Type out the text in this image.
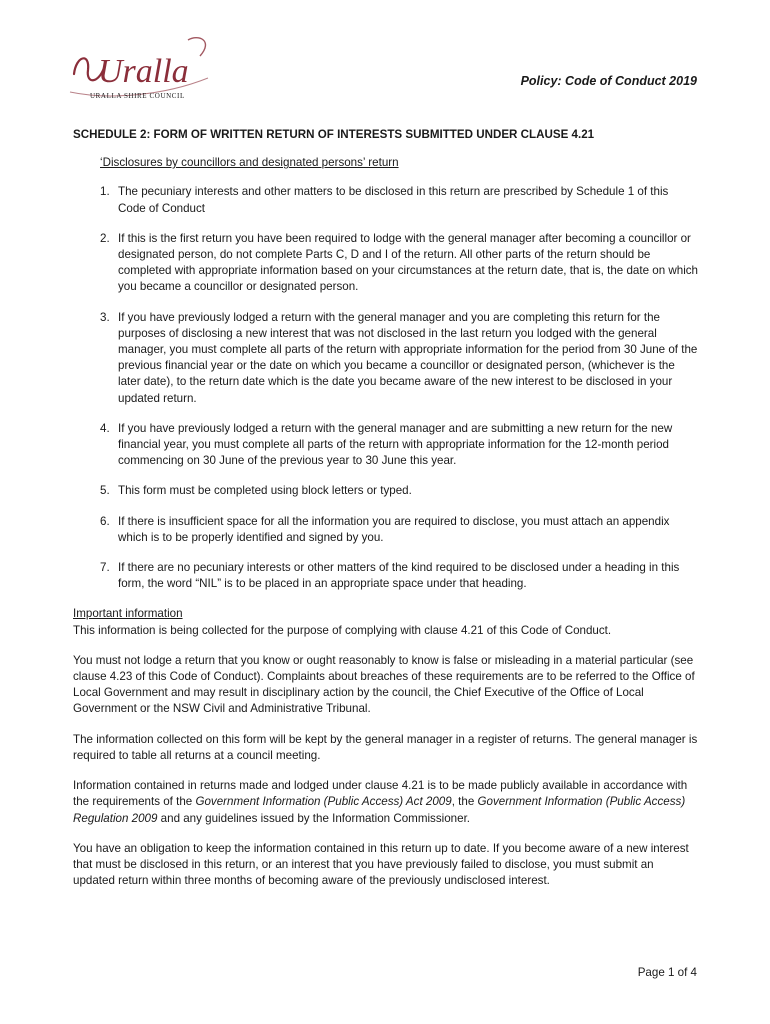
Uralla
URALLA SHIRE COUNCIL
Policy: Code of Conduct 2019

SCHEDULE 2: FORM OF WRITTEN RETURN OF INTERESTS SUBMITTED UNDER CLAUSE 4.21

‘Disclosures by councillors and designated persons’ return

1. The pecuniary interests and other matters to be disclosed in this return are prescribed by Schedule 1 of this Code of Conduct
2. If this is the first return you have been required to lodge with the general manager after becoming a councillor or designated person, do not complete Parts C, D and I of the return. All other parts of the return should be completed with appropriate information based on your circumstances at the return date, that is, the date on which you became a councillor or designated person.
3. If you have previously lodged a return with the general manager and you are completing this return for the purposes of disclosing a new interest that was not disclosed in the last return you lodged with the general manager, you must complete all parts of the return with appropriate information for the period from 30 June of the previous financial year or the date on which you became a councillor or designated person, (whichever is the later date), to the return date which is the date you became aware of the new interest to be disclosed in your updated return.
4. If you have previously lodged a return with the general manager and are submitting a new return for the new financial year, you must complete all parts of the return with appropriate information for the 12-month period commencing on 30 June of the previous year to 30 June this year.
5. This form must be completed using block letters or typed.
6. If there is insufficient space for all the information you are required to disclose, you must attach an appendix which is to be properly identified and signed by you.
7. If there are no pecuniary interests or other matters of the kind required to be disclosed under a heading in this form, the word “NIL” is to be placed in an appropriate space under that heading.

Important information

This information is being collected for the purpose of complying with clause 4.21 of this Code of Conduct.

You must not lodge a return that you know or ought reasonably to know is false or misleading in a material particular (see clause 4.23 of this Code of Conduct). Complaints about breaches of these requirements are to be referred to the Office of Local Government and may result in disciplinary action by the council, the Chief Executive of the Office of Local Government or the NSW Civil and Administrative Tribunal.

The information collected on this form will be kept by the general manager in a register of returns. The general manager is required to table all returns at a council meeting.

Information contained in returns made and lodged under clause 4.21 is to be made publicly available in accordance with the requirements of the Government Information (Public Access) Act 2009, the Government Information (Public Access) Regulation 2009 and any guidelines issued by the Information Commissioner.

You have an obligation to keep the information contained in this return up to date. If you become aware of a new interest that must be disclosed in this return, or an interest that you have previously failed to disclose, you must submit an updated return within three months of becoming aware of the previously undisclosed interest.

Page 1 of 4
